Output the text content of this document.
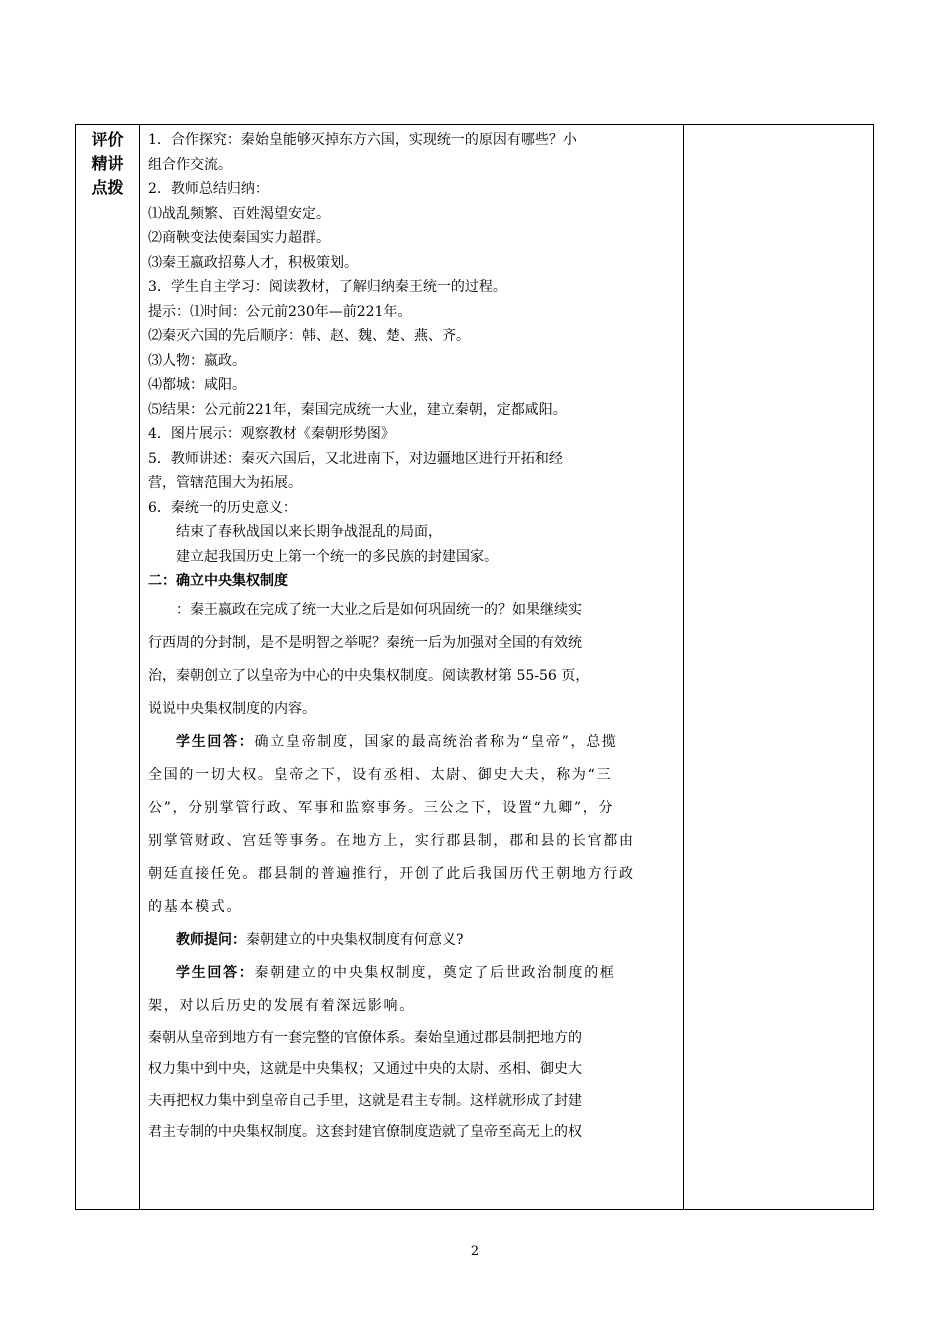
评价
精讲
点拨

1．合作探究：秦始皇能够灭掉东方六国，实现统一的原因有哪些？小

组合作交流。

2．教师总结归纳：

⑴战乱频繁、百姓渴望安定。

⑵商鞅变法使秦国实力超群。

⑶秦王嬴政招募人才，积极策划。

3．学生自主学习：阅读教材，了解归纳秦王统一的过程。

提示：⑴时间：公元前230年—前221年。

⑵秦灭六国的先后顺序：韩、赵、魏、楚、燕、齐。

⑶人物：嬴政。

⑷都城：咸阳。

⑸结果：公元前221年，秦国完成统一大业，建立秦朝，定都咸阳。

4．图片展示：观察教材《秦朝形势图》

5．教师讲述：秦灭六国后，又北进南下，对边疆地区进行开拓和经

营，管辖范围大为拓展。

6．秦统一的历史意义：

结束了春秋战国以来长期争战混乱的局面，

建立起我国历史上第一个统一的多民族的封建国家。

二：确立中央集权制度

：秦王嬴政在完成了统一大业之后是如何巩固统一的？如果继续实

行西周的分封制，是不是明智之举呢？秦统一后为加强对全国的有效统

治，秦朝创立了以皇帝为中心的中央集权制度。阅读教材第 55-56 页，

说说中央集权制度的内容。

学生回答：确立皇帝制度，国家的最高统治者称为“皇帝”，总揽

全国的一切大权。皇帝之下，设有丞相、太尉、御史大夫，称为“三

公”，分别掌管行政、军事和监察事务。三公之下，设置“九卿”，分

别掌管财政、宫廷等事务。在地方上，实行郡县制，郡和县的长官都由

朝廷直接任免。郡县制的普遍推行，开创了此后我国历代王朝地方行政

的基本模式。

教师提问：秦朝建立的中央集权制度有何意义?

学生回答：秦朝建立的中央集权制度，奠定了后世政治制度的框

架，对以后历史的发展有着深远影响。

秦朝从皇帝到地方有一套完整的官僚体系。秦始皇通过郡县制把地方的

权力集中到中央，这就是中央集权；又通过中央的太尉、丞相、御史大

夫再把权力集中到皇帝自己手里，这就是君主专制。这样就形成了封建

君主专制的中央集权制度。这套封建官僚制度造就了皇帝至高无上的权

2
